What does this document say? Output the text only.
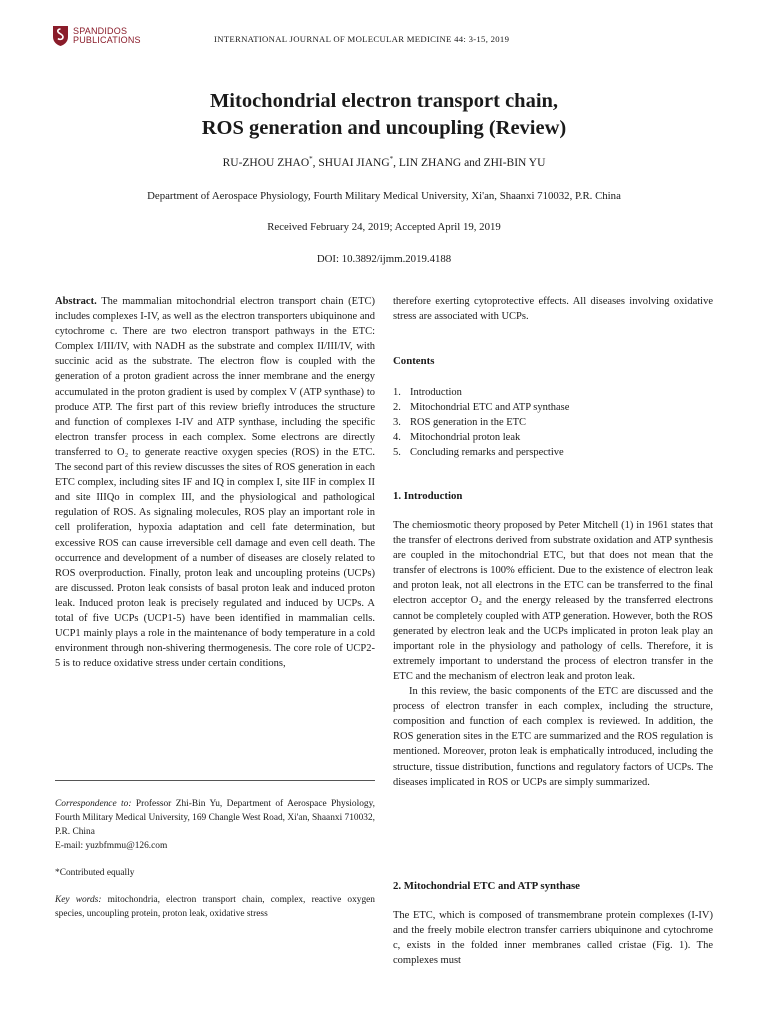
SPANDIDOS
PUBLICATIONS	INTERNATIONAL JOURNAL OF MOLECULAR MEDICINE 44: 3-15, 2019
Mitochondrial electron transport chain,
ROS generation and uncoupling (Review)
RU-ZHOU ZHAO*, SHUAI JIANG*, LIN ZHANG and ZHI-BIN YU
Department of Aerospace Physiology, Fourth Military Medical University, Xi'an, Shaanxi 710032, P.R. China
Received February 24, 2019; Accepted April 19, 2019
DOI: 10.3892/ijmm.2019.4188

Abstract. The mammalian mitochondrial electron transport chain (ETC) includes complexes I-IV, as well as the electron transporters ubiquinone and cytochrome c. There are two electron transport pathways in the ETC: Complex I/III/IV, with NADH as the substrate and complex II/III/IV, with succinic acid as the substrate. The electron flow is coupled with the generation of a proton gradient across the inner membrane and the energy accumulated in the proton gradient is used by complex V (ATP synthase) to produce ATP. The first part of this review briefly introduces the structure and function of complexes I-IV and ATP synthase, including the specific electron transfer process in each complex. Some electrons are directly transferred to O₂ to generate reactive oxygen species (ROS) in the ETC. The second part of this review discusses the sites of ROS generation in each ETC complex, including sites IF and IQ in complex I, site IIF in complex II and site IIIQo in complex III, and the physiological and pathological regulation of ROS. As signaling molecules, ROS play an important role in cell proliferation, hypoxia adaptation and cell fate determination, but excessive ROS can cause irreversible cell damage and even cell death. The occurrence and development of a number of diseases are closely related to ROS overproduction. Finally, proton leak and uncoupling proteins (UCPs) are discussed. Proton leak consists of basal proton leak and induced proton leak. Induced proton leak is precisely regulated and induced by UCPs. A total of five UCPs (UCP1-5) have been identified in mammalian cells. UCP1 mainly plays a role in the maintenance of body temperature in a cold environment through non-shivering thermogenesis. The core role of UCP2-5 is to reduce oxidative stress under certain conditions,

Correspondence to: Professor Zhi-Bin Yu, Department of Aerospace Physiology, Fourth Military Medical University, 169 Changle West Road, Xi'an, Shaanxi 710032, P.R. China
E-mail: yuzbfmmu@126.com
*Contributed equally
Key words: mitochondria, electron transport chain, complex, reactive oxygen species, uncoupling protein, proton leak, oxidative stress

therefore exerting cytoprotective effects. All diseases involving oxidative stress are associated with UCPs.

Contents

1. Introduction
2. Mitochondrial ETC and ATP synthase
3. ROS generation in the ETC
4. Mitochondrial proton leak
5. Concluding remarks and perspective

1. Introduction

The chemiosmotic theory proposed by Peter Mitchell (1) in 1961 states that the transfer of electrons derived from substrate oxidation and ATP synthesis are coupled in the mitochondrial ETC, but that does not mean that the transfer of electrons is 100% efficient. Due to the existence of electron leak and proton leak, not all electrons in the ETC can be transferred to the final electron acceptor O₂ and the energy released by the transferred electrons cannot be completely coupled with ATP generation. However, both the ROS generated by electron leak and the UCPs implicated in proton leak play an important role in the physiology and pathology of cells. Therefore, it is extremely important to understand the process of electron transfer in the ETC and the mechanism of electron leak and proton leak.

In this review, the basic components of the ETC are discussed and the process of electron transfer in each complex, including the structure, composition and function of each complex is reviewed. In addition, the ROS generation sites in the ETC are summarized and the ROS regulation is mentioned. Moreover, proton leak is emphatically introduced, including the structure, tissue distribution, functions and regulatory factors of UCPs. The diseases implicated in ROS or UCPs are simply summarized.

2. Mitochondrial ETC and ATP synthase

The ETC, which is composed of transmembrane protein complexes (I-IV) and the freely mobile electron transfer carriers ubiquinone and cytochrome c, exists in the folded inner membranes called cristae (Fig. 1). The complexes must
